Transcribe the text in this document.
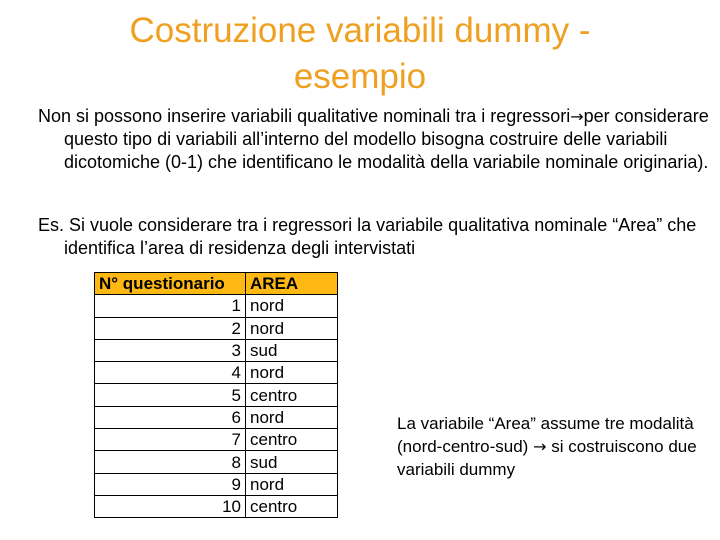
Costruzione variabili dummy - esempio
Non si possono inserire variabili qualitative nominali tra i regressori→per considerare questo tipo di variabili all’interno del modello bisogna costruire delle variabili dicotomiche (0-1) che identificano le modalità della variabile nominale originaria).
Es. Si vuole considerare tra i regressori la variabile qualitativa nominale “Area” che identifica l’area di residenza degli intervistati
N° questionario	AREA
1	nord
2	nord
3	sud
4	nord
5	centro
6	nord
7	centro
8	sud
9	nord
10	centro
La variabile “Area” assume tre modalità (nord-centro-sud) → si costruiscono due variabili dummy
